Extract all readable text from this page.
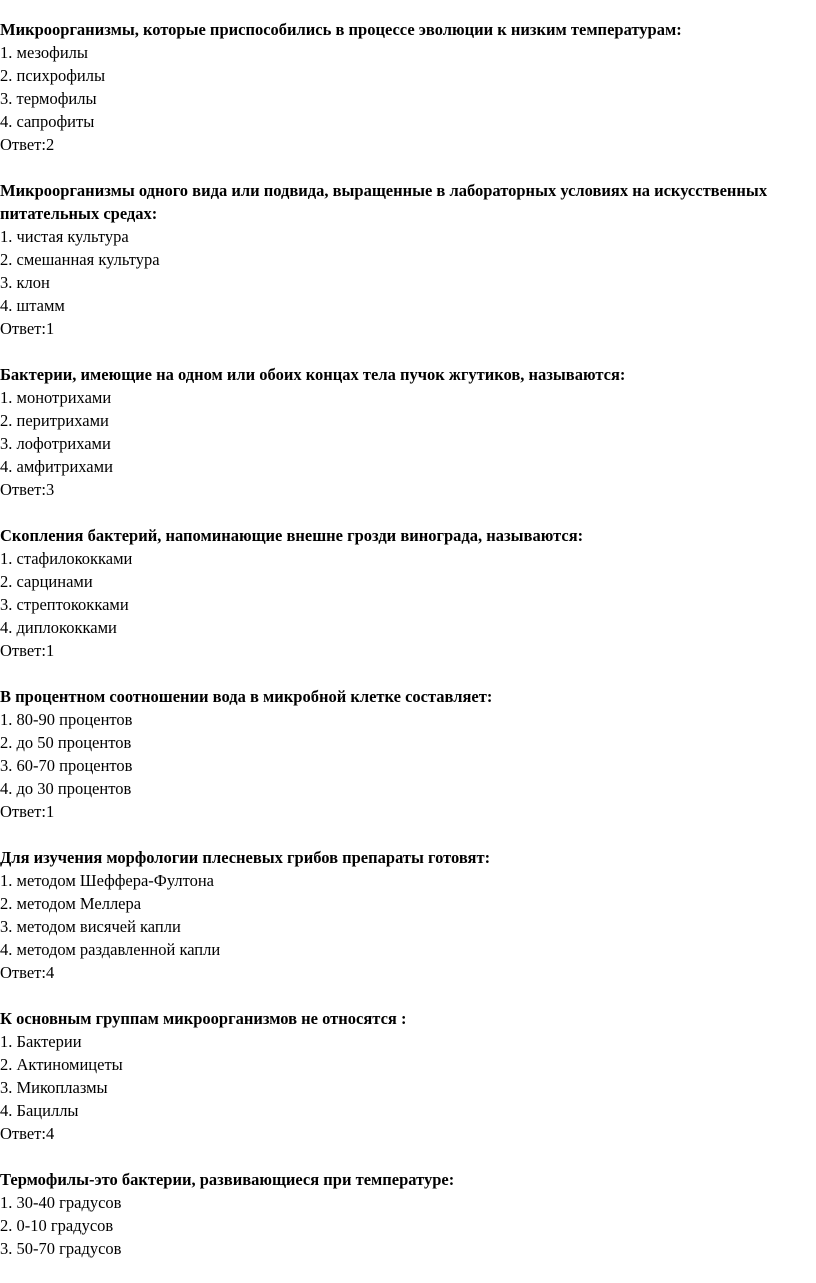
Микроорганизмы, которые приспособились в процессе эволюции к низким температурам:

1. мезофилы

2. психрофилы

3. термофилы

4. сапрофиты

Ответ:2

Микроорганизмы одного вида или подвида, выращенные в лабораторных условиях на искусственных питательных средах:

1. чистая культура

2. смешанная культура

3. клон

4. штамм

Ответ:1

Бактерии, имеющие на одном или обоих концах тела пучок жгутиков, называются:

1. монотрихами

2. перитрихами

3. лофотрихами

4. амфитрихами

Ответ:3

Скопления бактерий, напоминающие внешне грозди винограда, называются:

1. стафилококками

2. сарцинами

3. стрептококками

4. диплококками

Ответ:1

В процентном соотношении вода в микробной клетке составляет:

1. 80-90 процентов

2. до 50 процентов

3. 60-70 процентов

4. до 30 процентов

Ответ:1

Для изучения морфологии плесневых грибов препараты готовят:

1. методом Шеффера-Фултона

2. методом Меллера

3. методом висячей капли

4. методом раздавленной капли

Ответ:4

К основным группам микроорганизмов не относятся :

1. Бактерии

2. Актиномицеты

3. Микоплазмы

4. Бациллы

Ответ:4

Термофилы-это бактерии, развивающиеся при температуре:

1. 30-40 градусов

2. 0-10 градусов

3. 50-70 градусов
